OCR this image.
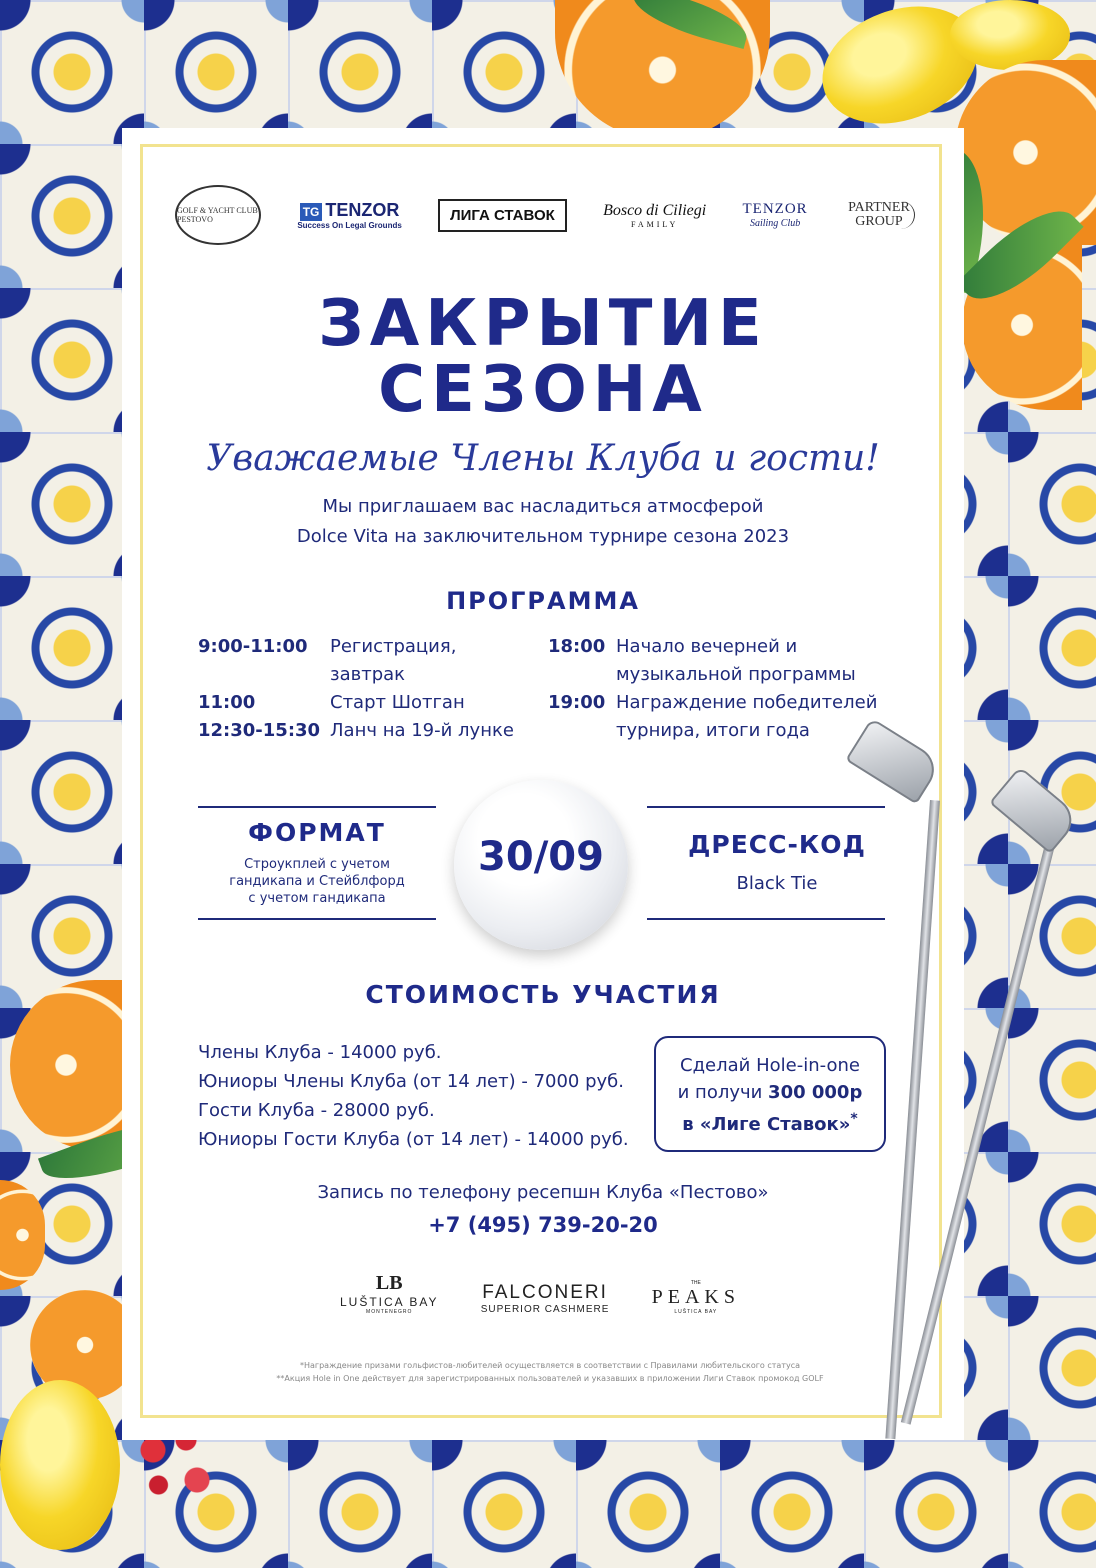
GOLF & YACHT CLUB PESTOVO
TG TENZOR
Success On Legal Grounds
ЛИГА СТАВОК	Bosco di Ciliegi
FAMILY
TENZOR
Sailing Club
PARTNER GROUP
ЗАКРЫТИЕ
СЕЗОНА
Уважаемые Члены Клуба и гости!
Мы приглашаем вас насладиться атмосферой
Dolce Vita на заключительном турнире сезона 2023
ПРОГРАММА
9:00-11:00	Регистрация, завтрак
11:00	Старт Шотган
12:30-15:30 Ланч на 19-й лунке
18:00 Начало вечерней и музыкальной программы
19:00 Награждение победителей турнира, итоги года
ФОРМАТ
Строукплей с учетом
гандикапа и Стейблфорд
с учетом гандикапа
30/09	ДРЕСС-КОД
Black Tie
СТОИМОСТЬ УЧАСТИЯ
Члены Клуба - 14000 руб.
Юниоры Члены Клуба (от 14 лет) - 7000 руб.
Гости Клуба - 28000 руб.
Юниоры Гости Клуба (от 14 лет) - 14000 руб.
Сделай Hole-in-one
и получи 300 000р
в «Лиге Ставок»*
Запись по телефону ресепшн Клуба «Пестово»
+7 (495) 739-20-20
LB
LUŠTICA BAY
MONTENEGRO
FALCONERI
SUPERIOR CASHMERE
THE
PEAKS
LUŠTICA BAY
*Награждение призами гольфистов-любителей осуществляется в соответствии с Правилами любительского статуса
**Акция Hole in One действует для зарегистрированных пользователей и указавших в приложении Лиги Ставок промокод GOLF
